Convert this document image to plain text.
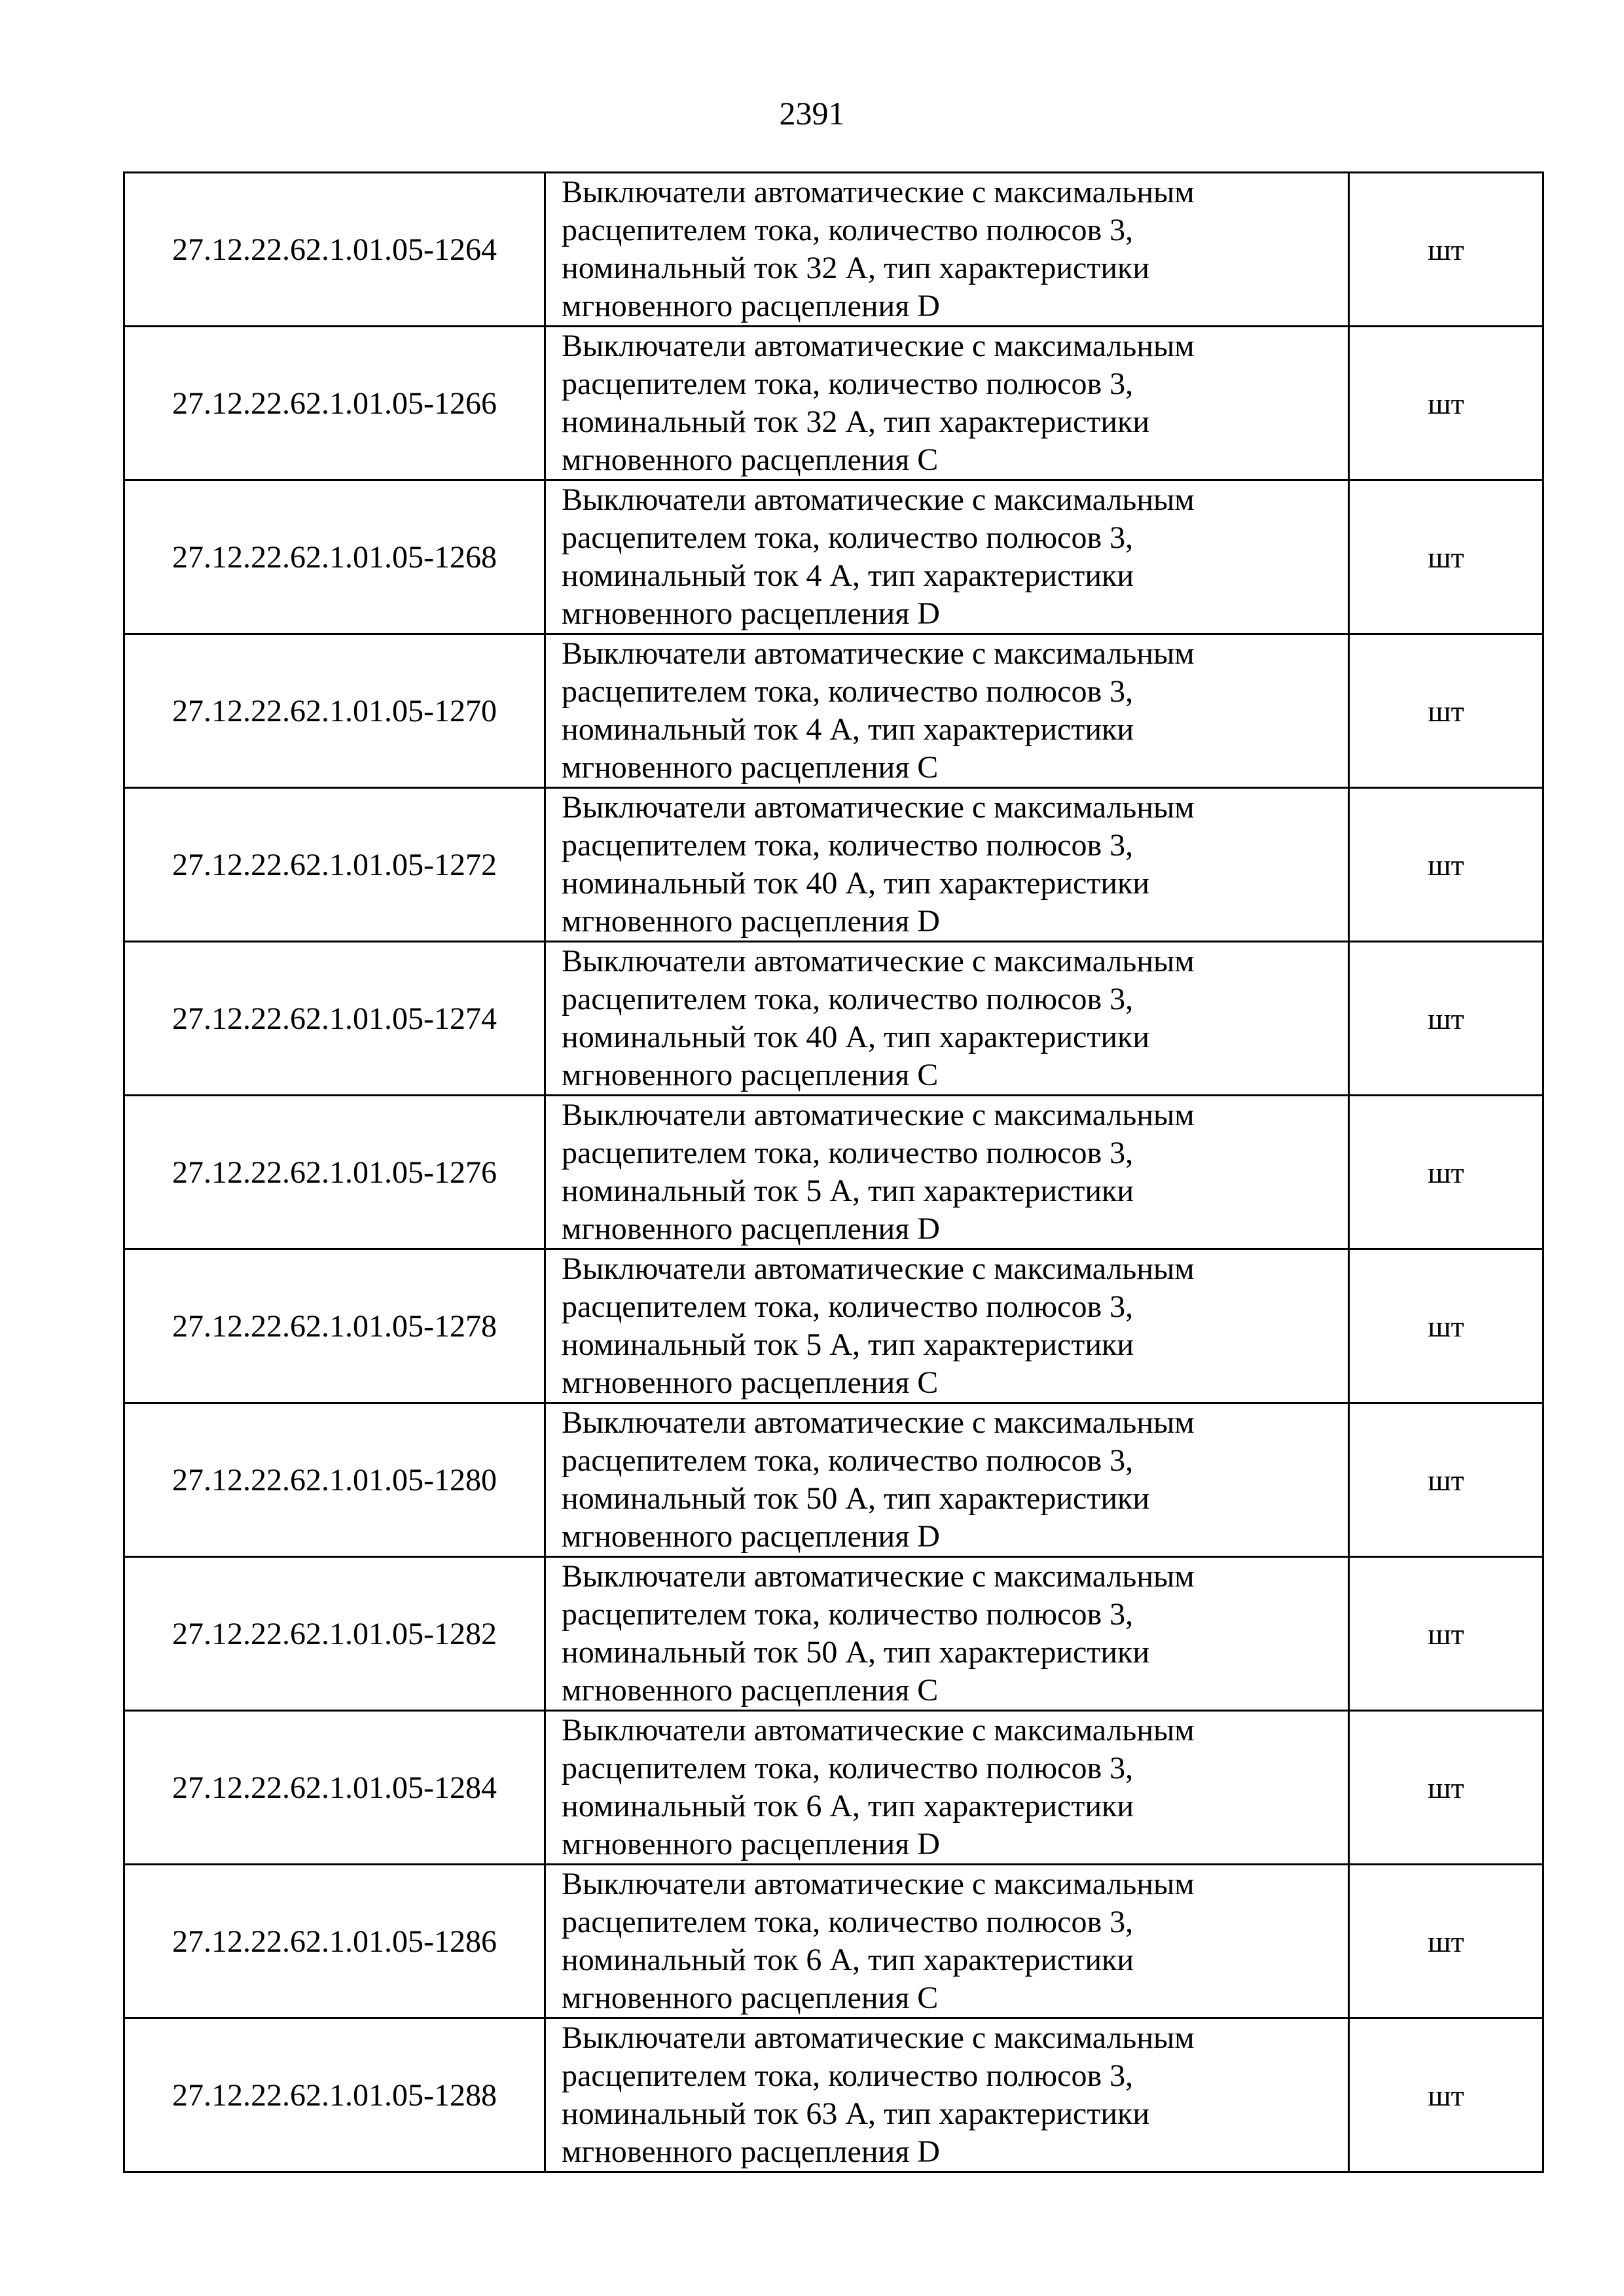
2391
27.12.22.62.1.01.05-1264	Выключатели автоматические с максимальным
расцепителем тока, количество полюсов 3,
номинальный ток 32 А, тип характеристики
мгновенного расцепления D	шт
27.12.22.62.1.01.05-1266	Выключатели автоматические с максимальным
расцепителем тока, количество полюсов 3,
номинальный ток 32 А, тип характеристики
мгновенного расцепления C	шт
27.12.22.62.1.01.05-1268	Выключатели автоматические с максимальным
расцепителем тока, количество полюсов 3,
номинальный ток 4 А, тип характеристики
мгновенного расцепления D	шт
27.12.22.62.1.01.05-1270	Выключатели автоматические с максимальным
расцепителем тока, количество полюсов 3,
номинальный ток 4 А, тип характеристики
мгновенного расцепления C	шт
27.12.22.62.1.01.05-1272	Выключатели автоматические с максимальным
расцепителем тока, количество полюсов 3,
номинальный ток 40 А, тип характеристики
мгновенного расцепления D	шт
27.12.22.62.1.01.05-1274	Выключатели автоматические с максимальным
расцепителем тока, количество полюсов 3,
номинальный ток 40 А, тип характеристики
мгновенного расцепления C	шт
27.12.22.62.1.01.05-1276	Выключатели автоматические с максимальным
расцепителем тока, количество полюсов 3,
номинальный ток 5 А, тип характеристики
мгновенного расцепления D	шт
27.12.22.62.1.01.05-1278	Выключатели автоматические с максимальным
расцепителем тока, количество полюсов 3,
номинальный ток 5 А, тип характеристики
мгновенного расцепления C	шт
27.12.22.62.1.01.05-1280	Выключатели автоматические с максимальным
расцепителем тока, количество полюсов 3,
номинальный ток 50 А, тип характеристики
мгновенного расцепления D	шт
27.12.22.62.1.01.05-1282	Выключатели автоматические с максимальным
расцепителем тока, количество полюсов 3,
номинальный ток 50 А, тип характеристики
мгновенного расцепления C	шт
27.12.22.62.1.01.05-1284	Выключатели автоматические с максимальным
расцепителем тока, количество полюсов 3,
номинальный ток 6 А, тип характеристики
мгновенного расцепления D	шт
27.12.22.62.1.01.05-1286	Выключатели автоматические с максимальным
расцепителем тока, количество полюсов 3,
номинальный ток 6 А, тип характеристики
мгновенного расцепления C	шт
27.12.22.62.1.01.05-1288	Выключатели автоматические с максимальным
расцепителем тока, количество полюсов 3,
номинальный ток 63 А, тип характеристики
мгновенного расцепления D	шт
